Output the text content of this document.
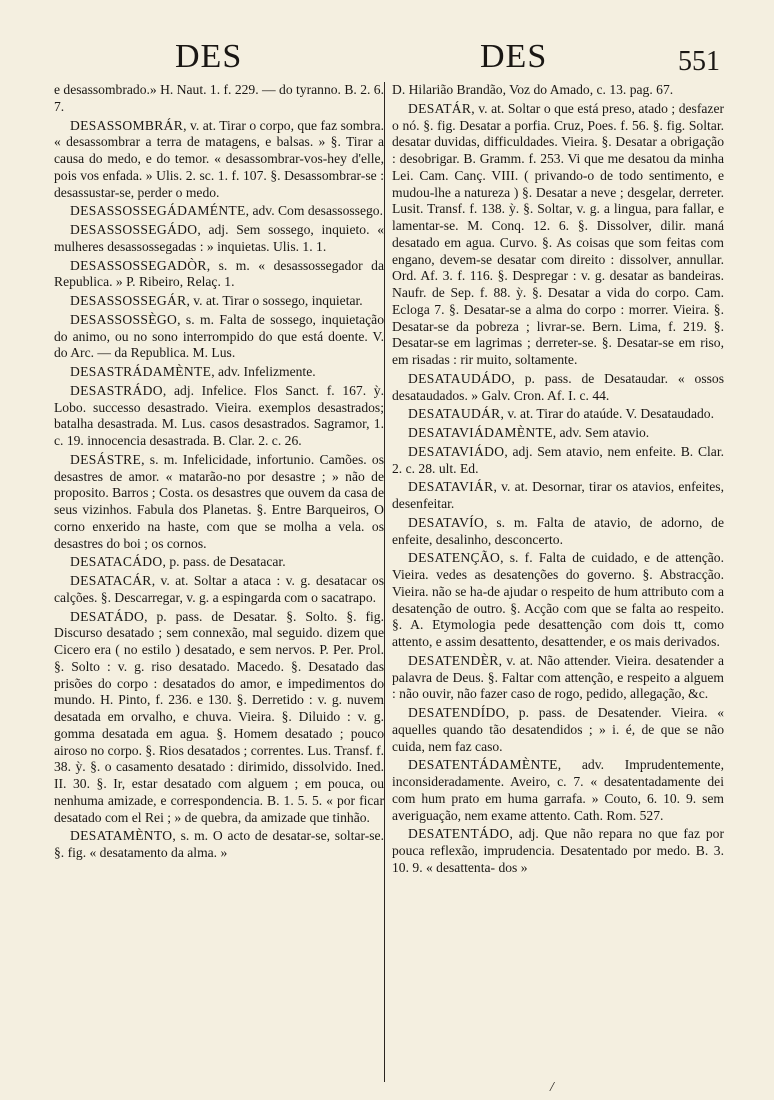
DES	DES	551

e desassombrado.» H. Naut. 1. f. 229. — do tyranno. B. 2. 6. 7.

DESASSOMBRÁR, v. at. Tirar o corpo, que faz sombra. « desassombrar a terra de matagens, e balsas. » §. Tirar a causa do medo, e do temor. « desassombrar-vos-hey d'elle, pois vos enfada. » Ulis. 2. sc. 1. f. 107. §. Desassombrar-se : desassustar-se, perder o medo.

DESASSOSSEGÁDAMÉNTE, adv. Com desassossego.

DESASSOSSEGÁDO, adj. Sem sossego, inquieto. « mulheres desassossegadas : » inquietas. Ulis. 1. 1.

DESASSOSSEGADÒR, s. m. « desassossegador da Republica. » P. Ribeiro, Relaç. 1.

DESASSOSSEGÁR, v. at. Tirar o sossego, inquietar.

DESASSOSSÈGO, s. m. Falta de sossego, inquietação do animo, ou no sono interrompido do que está doente. V. do Arc. — da Republica. M. Lus.

DESASTRÁDAMÈNTE, adv. Infelizmente.

DESASTRÁDO, adj. Infelice. Flos Sanct. f. 167. ỳ. Lobo. successo desastrado. Vieira. exemplos desastrados; batalha desastrada. M. Lus. casos desastrados. Sagramor, 1. c. 19. innocencia desastrada. B. Clar. 2. c. 26.

DESÁSTRE, s. m. Infelicidade, infortunio. Camões. os desastres de amor. « matarão-no por desastre ; » não de proposito. Barros ; Costa. os desastres que ouvem da casa de seus vizinhos. Fabula dos Planetas. §. Entre Barqueiros, O corno enxerido na haste, com que se molha a vela. os desastres do boi ; os cornos.

DESATACÁDO, p. pass. de Desatacar.

DESATACÁR, v. at. Soltar a ataca : v. g. desatacar os calções. §. Descarregar, v. g. a espingarda com o sacatrapo.

DESATÁDO, p. pass. de Desatar. §. Solto. §. fig. Discurso desatado ; sem connexão, mal seguido. dizem que Cicero era ( no estilo ) desatado, e sem nervos. P. Per. Prol. §. Solto : v. g. riso desatado. Macedo. §. Desatado das prisões do corpo : desatados do amor, e impedimentos do mundo. H. Pinto, f. 236. e 130. §. Derretido : v. g. nuvem desatada em orvalho, e chuva. Vieira. §. Diluido : v. g. gomma desatada em agua. §. Homem desatado ; pouco airoso no corpo. §. Rios desatados ; correntes. Lus. Transf. f. 38. ỳ. §. o casamento desatado : dirimido, dissolvido. Ined. II. 30. §. Ir, estar desatado com alguem ; em pouca, ou nenhuma amizade, e correspondencia. B. 1. 5. 5. « por ficar desatado com el Rei ; » de quebra, da amizade que tinhão.

DESATAMÈNTO, s. m. O acto de desatar-se, soltar-se. §. fig. « desatamento da alma. »

D. Hilarião Brandão, Voz do Amado, c. 13. pag. 67.

DESATÁR, v. at. Soltar o que está preso, atado ; desfazer o nó. §. fig. Desatar a porfia. Cruz, Poes. f. 56. §. fig. Soltar. desatar duvidas, difficuldades. Vieira. §. Desatar a obrigação : desobrigar. B. Gramm. f. 253. Vi que me desatou da minha Lei. Cam. Canç. VIII. ( privando-o de todo sentimento, e mudou-lhe a natureza ) §. Desatar a neve ; desgelar, derreter. Lusit. Transf. f. 138. ỳ. §. Soltar, v. g. a lingua, para fallar, e lamentar-se. M. Conq. 12. 6. §. Dissolver, dilir. maná desatado em agua. Curvo. §. As coisas que som feitas com engano, devem-se desatar com direito : dissolver, annullar. Ord. Af. 3. f. 116. §. Despregar : v. g. desatar as bandeiras. Naufr. de Sep. f. 88. ỳ. §. Desatar a vida do corpo. Cam. Ecloga 7. §. Desatar-se a alma do corpo : morrer. Vieira. §. Desatar-se da pobreza ; livrar-se. Bern. Lima, f. 219. §. Desatar-se em lagrimas ; derreter-se. §. Desatar-se em riso, em risadas : rir muito, soltamente.

DESATAUDÁDO, p. pass. de Desataudar. « ossos desataudados. » Galv. Cron. Af. I. c. 44.

DESATAUDÁR, v. at. Tirar do ataúde. V. Desataudado.

DESATAVIÁDAMÈNTE, adv. Sem atavio.

DESATAVIÁDO, adj. Sem atavio, nem enfeite. B. Clar. 2. c. 28. ult. Ed.

DESATAVIÁR, v. at. Desornar, tirar os atavios, enfeites, desenfeitar.

DESATAVÍO, s. m. Falta de atavio, de adorno, de enfeite, desalinho, desconcerto.

DESATENÇÃO, s. f. Falta de cuidado, e de attenção. Vieira. vedes as desatenções do governo. §. Abstracção. Vieira. não se ha-de ajudar o respeito de hum attributo com a desatenção de outro. §. Acção com que se falta ao respeito. §. A. Etymologia pede desattenção com dois tt, como attento, e assim desattento, desattender, e os mais derivados.

DESATENDÈR, v. at. Não attender. Vieira. desatender a palavra de Deus. §. Faltar com attenção, e respeito a alguem : não ouvir, não fazer caso de rogo, pedido, allegação, &c.

DESATENDÍDO, p. pass. de Desatender. Vieira. « aquelles quando tão desatendidos ; » i. é, de que se não cuida, nem faz caso.

DESATENTÁDAMÈNTE, adv. Imprudentemente, inconsideradamente. Aveiro, c. 7. « desatentadamente dei com hum prato em huma garrafa. » Couto, 6. 10. 9. sem averiguação, nem exame attento. Cath. Rom. 527.

DESATENTÁDO, adj. Que não repara no que faz por pouca reflexão, imprudencia. Desatentado por medo. B. 3. 10. 9. « desattenta- dos »

/
